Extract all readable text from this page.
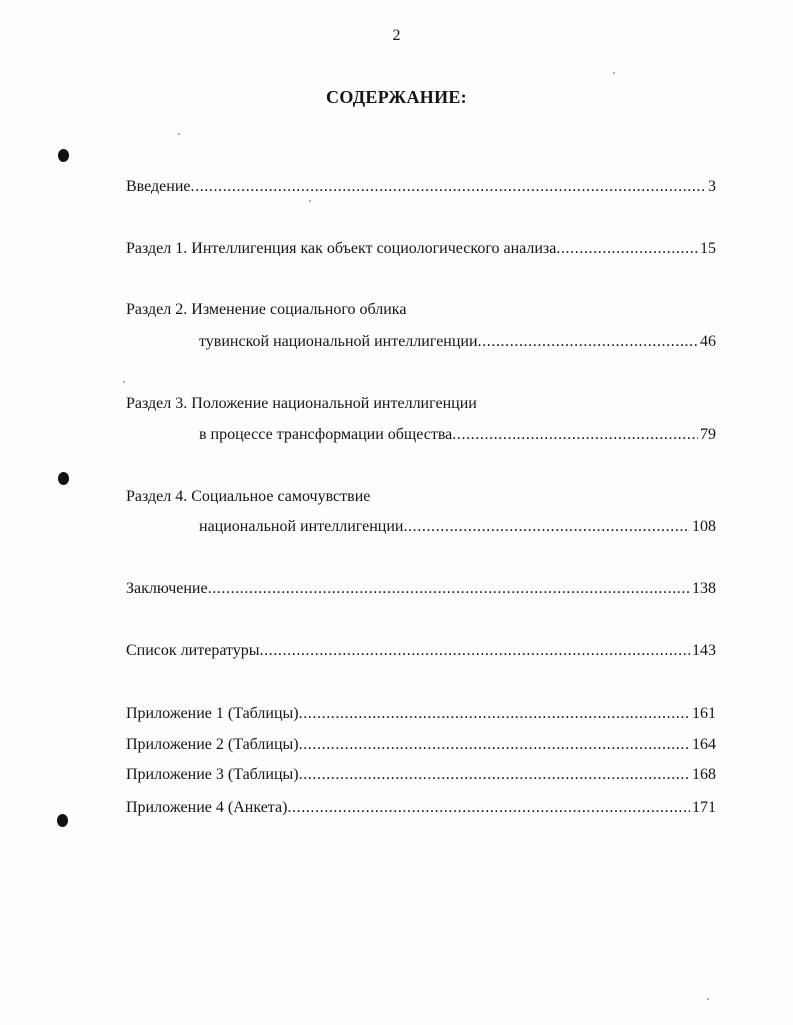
2
СОДЕРЖАНИЕ:
Введение .....	3
Раздел 1. Интеллигенция как объект социологического анализа .....	15
Раздел 2. Изменение социального облика
тувинской национальной интеллигенции .....	46
Раздел 3. Положение национальной интеллигенции
в процессе трансформации общества .....	79
Раздел 4. Социальное самочувствие
национальной интеллигенции .....	108
Заключение .....	138
Список литературы .....	143
Приложение 1 (Таблицы) .....	161
Приложение 2 (Таблицы) .....	164
Приложение 3 (Таблицы) .....	168
Приложение 4 (Анкета) .....	171
